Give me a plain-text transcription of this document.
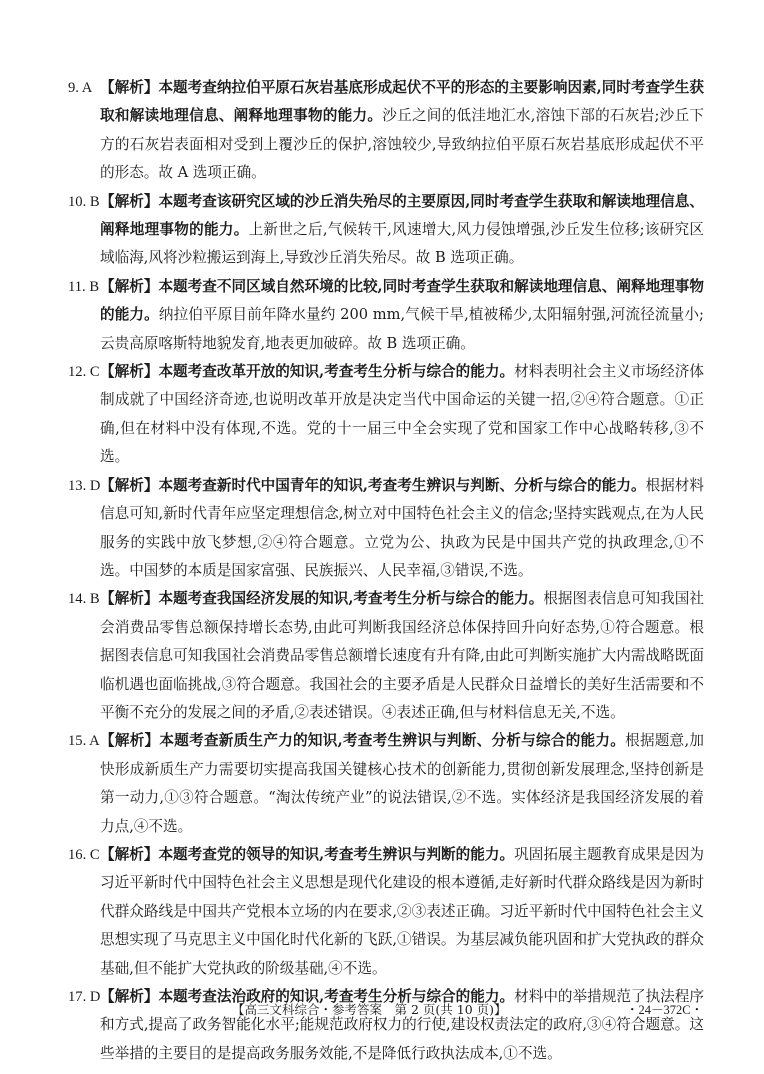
9. A 【解析】本题考查纳拉伯平原石灰岩基底形成起伏不平的形态的主要影响因素,同时考查学生获取和解读地理信息、阐释地理事物的能力。沙丘之间的低洼地汇水,溶蚀下部的石灰岩;沙丘下方的石灰岩表面相对受到上覆沙丘的保护,溶蚀较少,导致纳拉伯平原石灰岩基底形成起伏不平的形态。故 A 选项正确。
10. B 【解析】本题考查该研究区域的沙丘消失殆尽的主要原因,同时考查学生获取和解读地理信息、阐释地理事物的能力。上新世之后,气候转干,风速增大,风力侵蚀增强,沙丘发生位移;该研究区域临海,风将沙粒搬运到海上,导致沙丘消失殆尽。故 B 选项正确。
11. B 【解析】本题考查不同区域自然环境的比较,同时考查学生获取和解读地理信息、阐释地理事物的能力。纳拉伯平原目前年降水量约 200 mm,气候干旱,植被稀少,太阳辐射强,河流径流量小;云贵高原喀斯特地貌发育,地表更加破碎。故 B 选项正确。
12. C 【解析】本题考查改革开放的知识,考查考生分析与综合的能力。材料表明社会主义市场经济体制成就了中国经济奇迹,也说明改革开放是决定当代中国命运的关键一招,②④符合题意。①正确,但在材料中没有体现,不选。党的十一届三中全会实现了党和国家工作中心战略转移,③不选。
13. D 【解析】本题考查新时代中国青年的知识,考查考生辨识与判断、分析与综合的能力。根据材料信息可知,新时代青年应坚定理想信念,树立对中国特色社会主义的信念;坚持实践观点,在为人民服务的实践中放飞梦想,②④符合题意。立党为公、执政为民是中国共产党的执政理念,①不选。中国梦的本质是国家富强、民族振兴、人民幸福,③错误,不选。
14. B 【解析】本题考查我国经济发展的知识,考查考生分析与综合的能力。根据图表信息可知我国社会消费品零售总额保持增长态势,由此可判断我国经济总体保持回升向好态势,①符合题意。根据图表信息可知我国社会消费品零售总额增长速度有升有降,由此可判断实施扩大内需战略既面临机遇也面临挑战,③符合题意。我国社会的主要矛盾是人民群众日益增长的美好生活需要和不平衡不充分的发展之间的矛盾,②表述错误。④表述正确,但与材料信息无关,不选。
15. A 【解析】本题考查新质生产力的知识,考查考生辨识与判断、分析与综合的能力。根据题意,加快形成新质生产力需要切实提高我国关键核心技术的创新能力,贯彻创新发展理念,坚持创新是第一动力,①③符合题意。“淘汰传统产业”的说法错误,②不选。实体经济是我国经济发展的着力点,④不选。
16. C 【解析】本题考查党的领导的知识,考查考生辨识与判断的能力。巩固拓展主题教育成果是因为习近平新时代中国特色社会主义思想是现代化建设的根本遵循,走好新时代群众路线是因为新时代群众路线是中国共产党根本立场的内在要求,②③表述正确。习近平新时代中国特色社会主义思想实现了马克思主义中国化时代化新的飞跃,①错误。为基层减负能巩固和扩大党执政的群众基础,但不能扩大党执政的阶级基础,④不选。
17. D 【解析】本题考查法治政府的知识,考查考生分析与综合的能力。材料中的举措规范了执法程序和方式,提高了政务智能化水平;能规范政府权力的行使,建设权责法定的政府,③④符合题意。这些举措的主要目的是提高政务服务效能,不是降低行政执法成本,①不选。
【高三文科综合・参考答案　第 2 页(共 10 页)】	・24－372C・
